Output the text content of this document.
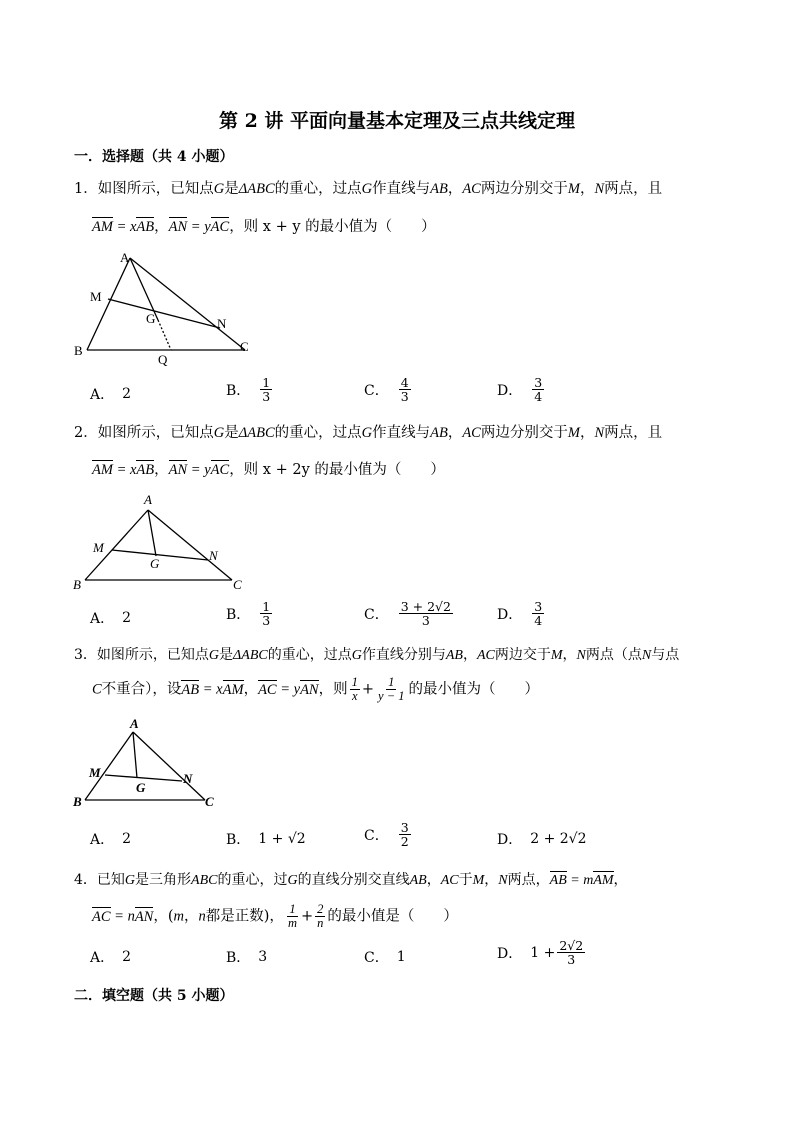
第 2 讲 平面向量基本定理及三点共线定理
一．选择题（共 4 小题）
1．如图所示，已知点G是ΔABC的重心，过点G作直线与AB，AC两边分别交于M，N两点，且
AM = xAB，AN = yAC，则 x + y 的最小值为（　　）
A
B	C
M
N
G
Q
A． 2	B． $\frac{1}{3}$	C． $\frac{4}{3}$	D． $\frac{3}{4}$
2．如图所示，已知点G是ΔABC的重心，过点G作直线与AB，AC两边分别交于M，N两点，且
AM = xAB，AN = yAC，则 x + 2y 的最小值为（　　）
A
B	C
M
N
G
A． 2	B． $\frac{1}{3}$	C． $\frac{3 + 2√2}{3}$	D． $\frac{3}{4}$
3．如图所示，已知点G是ΔABC的重心，过点G作直线分别与AB，AC两边交于M，N两点（点N与点
C不重合），设AB = xAM，AC = yAN，则 $\frac{1}{x} + \frac{1}{y - 1}$ 的最小值为（　　）
A
B	C
M	N
G
A． 2	B． 1 + √2	C． $\frac{3}{2}$	D． 2 + 2√2
4．已知G是三角形ABC的重心，过G的直线分别交直线AB，AC于M，N两点，AB = mAM，
AC = nAN，(m，n都是正数)， $\frac{1}{m} + \frac{2}{n}$ 的最小值是（　　）
A． 2	B． 3	C． 1	D． $1 + \frac{2√2}{3}$
二．填空题（共 5 小题）
